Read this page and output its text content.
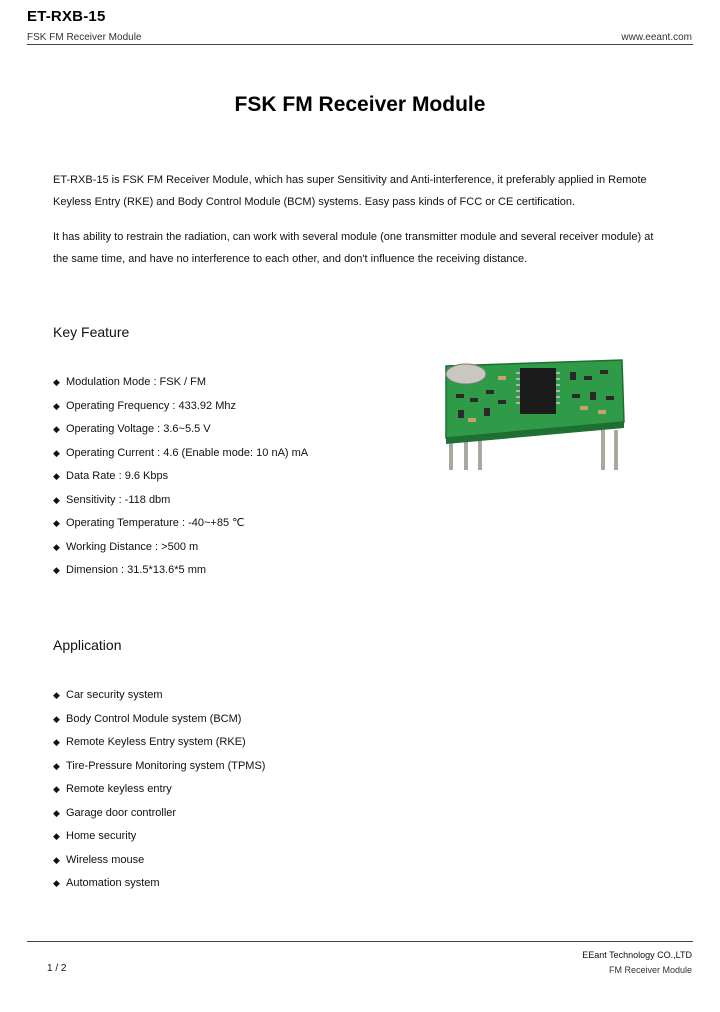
ET-RXB-15
FSK FM Receiver Module	www.eeant.com
FSK FM Receiver Module
ET-RXB-15 is FSK FM Receiver Module, which has super Sensitivity and Anti-interference, it preferably applied in Remote Keyless Entry (RKE) and Body Control Module (BCM) systems. Easy pass kinds of FCC or CE certification.
It has ability to restrain the radiation, can work with several module (one transmitter module and several receiver module) at the same time, and have no interference to each other, and don't influence the receiving distance.
Key Feature
◆ Modulation Mode : FSK / FM
◆ Operating Frequency : 433.92 Mhz
◆ Operating Voltage : 3.6~5.5 V
◆ Operating Current : 4.6 (Enable mode: 10 nA) mA
◆ Data Rate : 9.6 Kbps
◆ Sensitivity : -118 dbm
◆ Operating Temperature : -40~+85 ℃
◆ Working Distance : >500 m
◆ Dimension : 31.5*13.6*5 mm
Application
◆ Car security system
◆ Body Control Module system (BCM)
◆ Remote Keyless Entry system (RKE)
◆ Tire-Pressure Monitoring system (TPMS)
◆ Remote keyless entry
◆ Garage door controller
◆ Home security
◆ Wireless mouse
◆ Automation system
EEant Technology CO.,LTD
1 / 2	FM Receiver Module
